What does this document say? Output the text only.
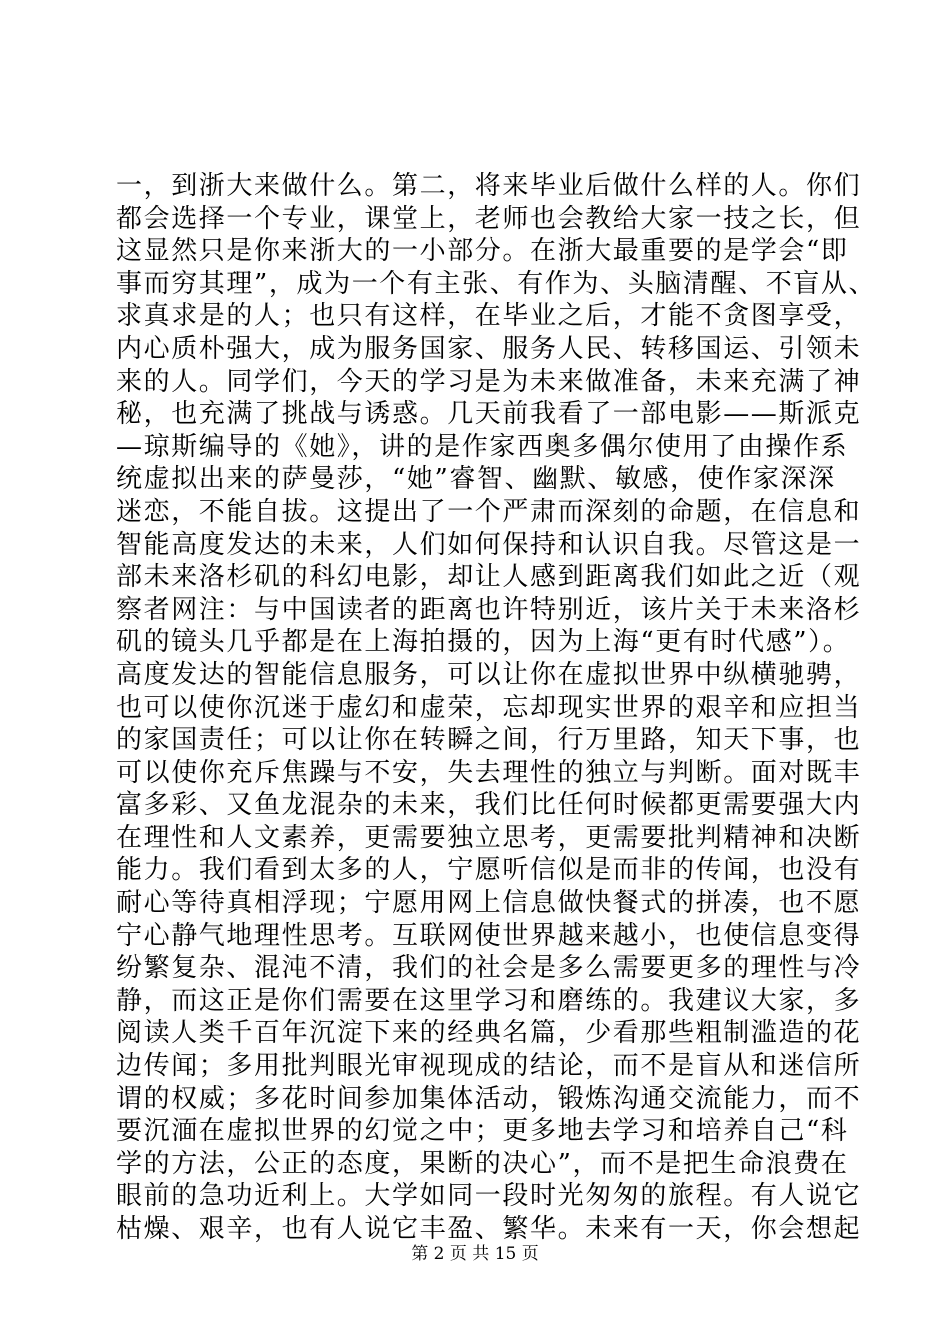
一，到浙大来做什么。第二，将来毕业后做什么样的人。你们
都会选择一个专业，课堂上，老师也会教给大家一技之长，但
这显然只是你来浙大的一小部分。在浙大最重要的是学会“即
事而穷其理”，成为一个有主张、有作为、头脑清醒、不盲从、
求真求是的人；也只有这样，在毕业之后，才能不贪图享受，
内心质朴强大，成为服务国家、服务人民、转移国运、引领未
来的人。同学们，今天的学习是为未来做准备，未来充满了神
秘，也充满了挑战与诱惑。几天前我看了一部电影——斯派克
—琼斯编导的《她》，讲的是作家西奥多偶尔使用了由操作系
统虚拟出来的萨曼莎，“她”睿智、幽默、敏感，使作家深深
迷恋，不能自拔。这提出了一个严肃而深刻的命题，在信息和
智能高度发达的未来，人们如何保持和认识自我。尽管这是一
部未来洛杉矶的科幻电影，却让人感到距离我们如此之近（观
察者网注：与中国读者的距离也许特别近，该片关于未来洛杉
矶的镜头几乎都是在上海拍摄的，因为上海“更有时代感”）。
高度发达的智能信息服务，可以让你在虚拟世界中纵横驰骋，
也可以使你沉迷于虚幻和虚荣，忘却现实世界的艰辛和应担当
的家国责任；可以让你在转瞬之间，行万里路，知天下事，也
可以使你充斥焦躁与不安，失去理性的独立与判断。面对既丰
富多彩、又鱼龙混杂的未来，我们比任何时候都更需要强大内
在理性和人文素养，更需要独立思考，更需要批判精神和决断
能力。我们看到太多的人，宁愿听信似是而非的传闻，也没有
耐心等待真相浮现；宁愿用网上信息做快餐式的拼凑，也不愿
宁心静气地理性思考。互联网使世界越来越小，也使信息变得
纷繁复杂、混沌不清，我们的社会是多么需要更多的理性与冷
静，而这正是你们需要在这里学习和磨练的。我建议大家，多
阅读人类千百年沉淀下来的经典名篇，少看那些粗制滥造的花
边传闻；多用批判眼光审视现成的结论，而不是盲从和迷信所
谓的权威；多花时间参加集体活动，锻炼沟通交流能力，而不
要沉湎在虚拟世界的幻觉之中；更多地去学习和培养自己“科
学的方法，公正的态度，果断的决心”，而不是把生命浪费在
眼前的急功近利上。大学如同一段时光匆匆的旅程。有人说它
枯燥、艰辛，也有人说它丰盈、繁华。未来有一天，你会想起
第 2 页 共 15 页
